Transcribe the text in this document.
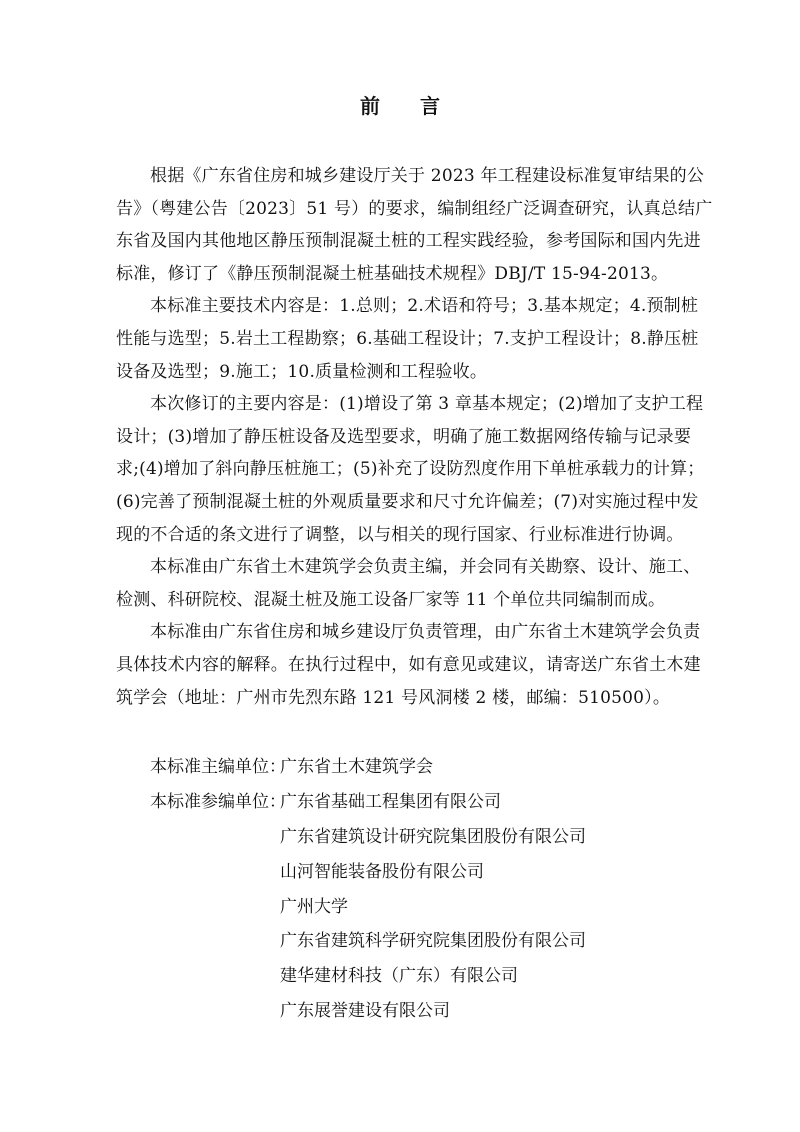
前言
根据《广东省住房和城乡建设厅关于 2023 年工程建设标准复审结果的公
告》（粤建公告〔2023〕51 号）的要求，编制组经广泛调查研究，认真总结广
东省及国内其他地区静压预制混凝土桩的工程实践经验，参考国际和国内先进
标准，修订了《静压预制混凝土桩基础技术规程》DBJ/T 15-94-2013。
本标准主要技术内容是：1.总则；2.术语和符号；3.基本规定；4.预制桩
性能与选型；5.岩土工程勘察；6.基础工程设计；7.支护工程设计；8.静压桩
设备及选型；9.施工；10.质量检测和工程验收。
本次修订的主要内容是：(1)增设了第 3 章基本规定；(2)增加了支护工程
设计；(3)增加了静压桩设备及选型要求，明确了施工数据网络传输与记录要
求;(4)增加了斜向静压桩施工；(5)补充了设防烈度作用下单桩承载力的计算；
(6)完善了预制混凝土桩的外观质量要求和尺寸允许偏差；(7)对实施过程中发
现的不合适的条文进行了调整，以与相关的现行国家、行业标准进行协调。
本标准由广东省土木建筑学会负责主编，并会同有关勘察、设计、施工、
检测、科研院校、混凝土桩及施工设备厂家等 11 个单位共同编制而成。
本标准由广东省住房和城乡建设厅负责管理，由广东省土木建筑学会负责
具体技术内容的解释。在执行过程中，如有意见或建议，请寄送广东省土木建
筑学会（地址：广州市先烈东路 121 号风洞楼 2 楼，邮编：510500）。
本标准主编单位：广东省土木建筑学会
本标准参编单位：广东省基础工程集团有限公司
广东省建筑设计研究院集团股份有限公司
山河智能装备股份有限公司
广州大学
广东省建筑科学研究院集团股份有限公司
建华建材科技（广东）有限公司
广东展誉建设有限公司
